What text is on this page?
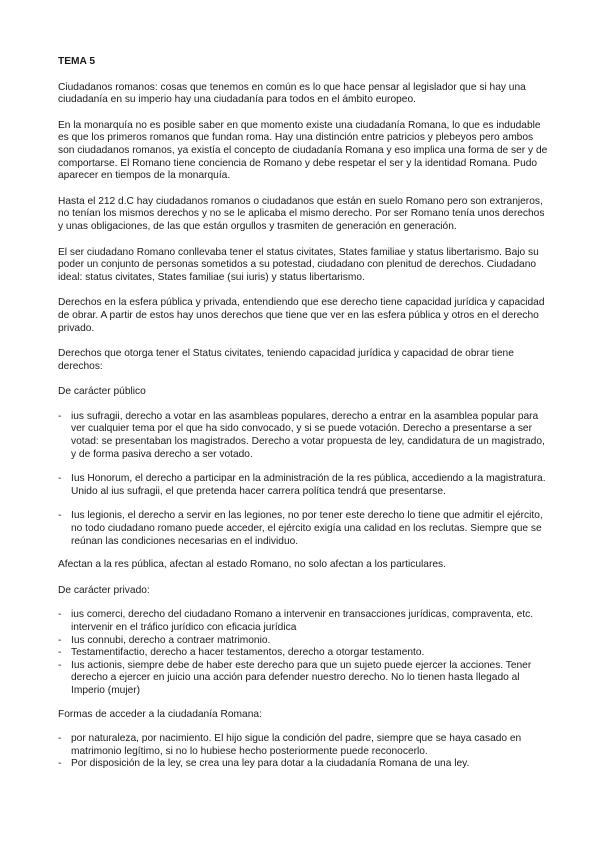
TEMA 5

Ciudadanos romanos: cosas que tenemos en común es lo que hace pensar al legislador que si hay una ciudadanía en su imperio hay una ciudadanía para todos en el ámbito europeo.

En la monarquía no es posible saber en que momento existe una ciudadanía Romana, lo que es indudable es que los primeros romanos que fundan roma. Hay una distinción entre patricios y plebeyos pero ambos son ciudadanos romanos, ya existía el concepto de ciudadanía Romana y eso implica una forma de ser y de comportarse. El Romano tiene conciencia de Romano y debe respetar el ser y la identidad Romana. Pudo aparecer en tiempos de la monarquía.

Hasta el 212 d.C hay ciudadanos romanos o ciudadanos que están en suelo Romano pero son extranjeros, no tenían los mismos derechos y no se le aplicaba el mismo derecho. Por ser Romano tenía unos derechos y unas obligaciones, de las que están orgullos y trasmiten de generación en generación.

El ser ciudadano Romano conllevaba tener el status civitates, States familiae y status libertarismo. Bajo su poder un conjunto de personas sometidos a su potestad, ciudadano con plenitud de derechos. Ciudadano ideal: status civitates, States familiae (sui iuris) y status libertarismo.

Derechos en la esfera pública y privada, entendiendo que ese derecho tiene capacidad jurídica y capacidad de obrar. A partir de estos hay unos derechos que tiene que ver en las esfera pública y otros en el derecho privado.

Derechos que otorga tener el Status civitates, teniendo capacidad jurídica y capacidad de obrar tiene derechos:

De carácter público

- ius sufragii, derecho a votar en las asambleas populares, derecho a entrar en la asamblea popular para ver cualquier tema por el que ha sido convocado, y si se puede votación. Derecho a presentarse a ser votad: se presentaban los magistrados. Derecho a votar propuesta de ley, candidatura de un magistrado, y de forma pasiva derecho a ser votado.
- Ius Honorum, el derecho a participar en la administración de la res pública, accediendo a la magistratura. Unido al ius sufragii, el que pretenda hacer carrera política tendrá que presentarse.
- Ius legionis, el derecho a servir en las legiones, no por tener este derecho lo tiene que admitir el ejército, no todo ciudadano romano puede acceder, el ejército exigía una calidad en los reclutas. Siempre que se reúnan las condiciones necesarias en el individuo.

Afectan a la res pública, afectan al estado Romano, no solo afectan a los particulares.

De carácter privado:

- ius comerci, derecho del ciudadano Romano a intervenir en transacciones jurídicas, compraventa, etc. intervenir en el tráfico jurídico con eficacia jurídica
- Ius connubi, derecho a contraer matrimonio.
- Testamentifactio, derecho a hacer testamentos, derecho a otorgar testamento.
- Ius actionis, siempre debe de haber este derecho para que un sujeto puede ejercer la acciones. Tener derecho a ejercer en juicio una acción para defender nuestro derecho. No lo tienen hasta llegado al Imperio (mujer)

Formas de acceder a la ciudadanía Romana:

- por naturaleza, por nacimiento. El hijo sigue la condición del padre, siempre que se haya casado en matrimonio legítimo, si no lo hubiese hecho posteriormente puede reconocerlo.
- Por disposición de la ley, se crea una ley para dotar a la ciudadanía Romana de una ley.
